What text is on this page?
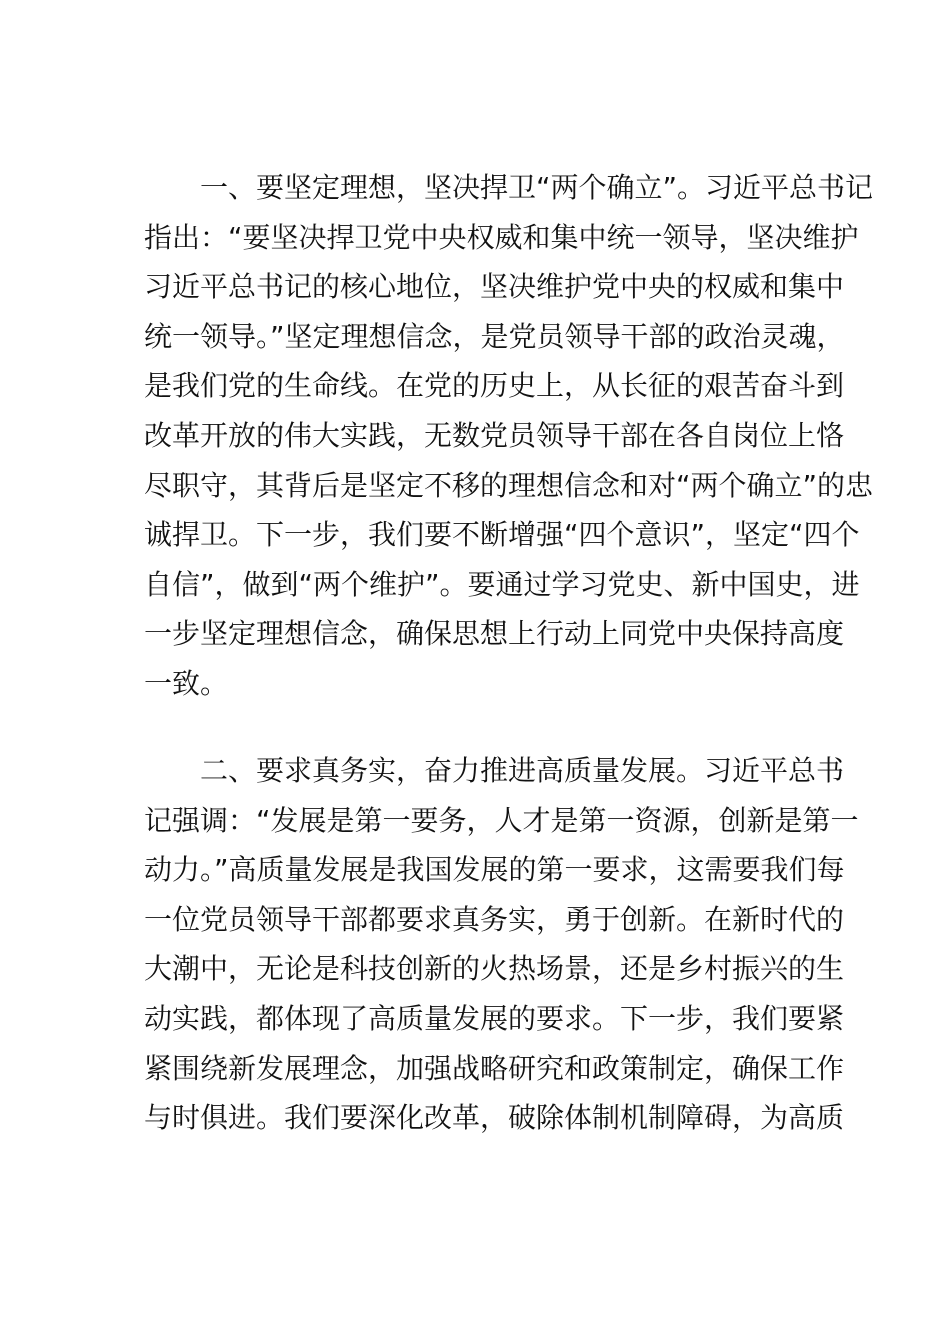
　　一、要坚定理想，坚决捍卫“两个确立”。习近平总书记
指出：“要坚决捍卫党中央权威和集中统一领导，坚决维护
习近平总书记的核心地位，坚决维护党中央的权威和集中
统一领导。”坚定理想信念，是党员领导干部的政治灵魂，
是我们党的生命线。在党的历史上，从长征的艰苦奋斗到
改革开放的伟大实践，无数党员领导干部在各自岗位上恪
尽职守，其背后是坚定不移的理想信念和对“两个确立”的忠
诚捍卫。下一步，我们要不断增强“四个意识”，坚定“四个
自信”，做到“两个维护”。要通过学习党史、新中国史，进
一步坚定理想信念，确保思想上行动上同党中央保持高度
一致。
　　二、要求真务实，奋力推进高质量发展。习近平总书
记强调：“发展是第一要务，人才是第一资源，创新是第一
动力。”高质量发展是我国发展的第一要求，这需要我们每
一位党员领导干部都要求真务实，勇于创新。在新时代的
大潮中，无论是科技创新的火热场景，还是乡村振兴的生
动实践，都体现了高质量发展的要求。下一步，我们要紧
紧围绕新发展理念，加强战略研究和政策制定，确保工作
与时俱进。我们要深化改革，破除体制机制障碍，为高质
